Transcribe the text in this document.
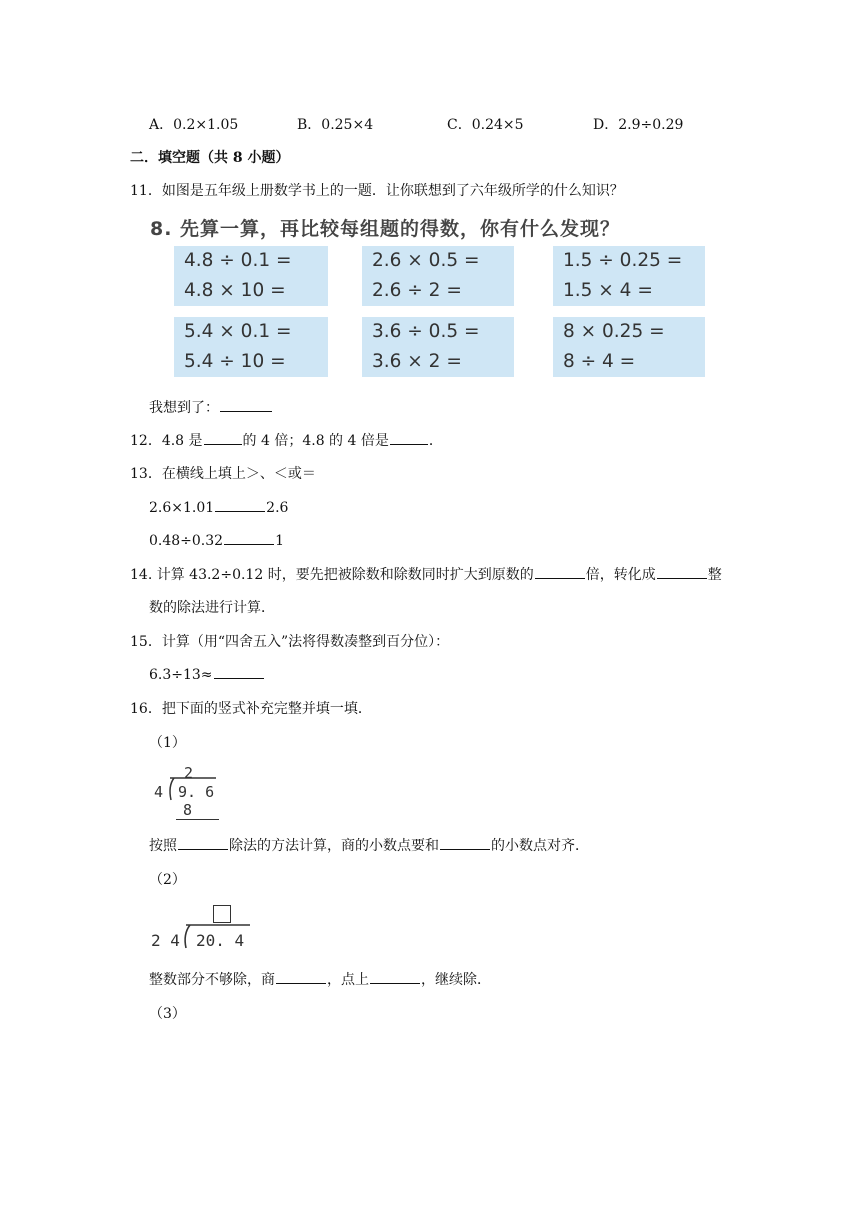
A．0.2×1.05	B．0.25×4	C．0.24×5	D．2.9÷0.29
二．填空题（共 8 小题）
11．如图是五年级上册数学书上的一题．让你联想到了六年级所学的什么知识？
8. 先算一算，再比较每组题的得数，你有什么发现？
4.8 ÷ 0.1 =
4.8 × 10 =
2.6 × 0.5 =
2.6 ÷ 2 =
1.5 ÷ 0.25 =
1.5 × 4 =
5.4 × 0.1 =
5.4 ÷ 10 =
3.6 ÷ 0.5 =
3.6 × 2 =
8 × 0.25 =
8 ÷ 4 =
我想到了：
12．4.8 是	的 4 倍；4.8 的 4 倍是	．
13．在横线上填上＞、＜或＝
2.6×1.01	2.6
0.48÷0.32	1
14. 计算 43.2÷0.12 时，要先把被除数和除数同时扩大到原数的	倍，转化成	整
数的除法进行计算．
15．计算（用“四舍五入”法将得数凑整到百分位）：
6.3÷13≈
16．把下面的竖式补充完整并填一填．
（1）
4
2
9. 6
8
按照	除法的方法计算，商的小数点要和	的小数点对齐．
（2）
2 4 20. 4
整数部分不够除，商	，点上	，继续除．
（3）
